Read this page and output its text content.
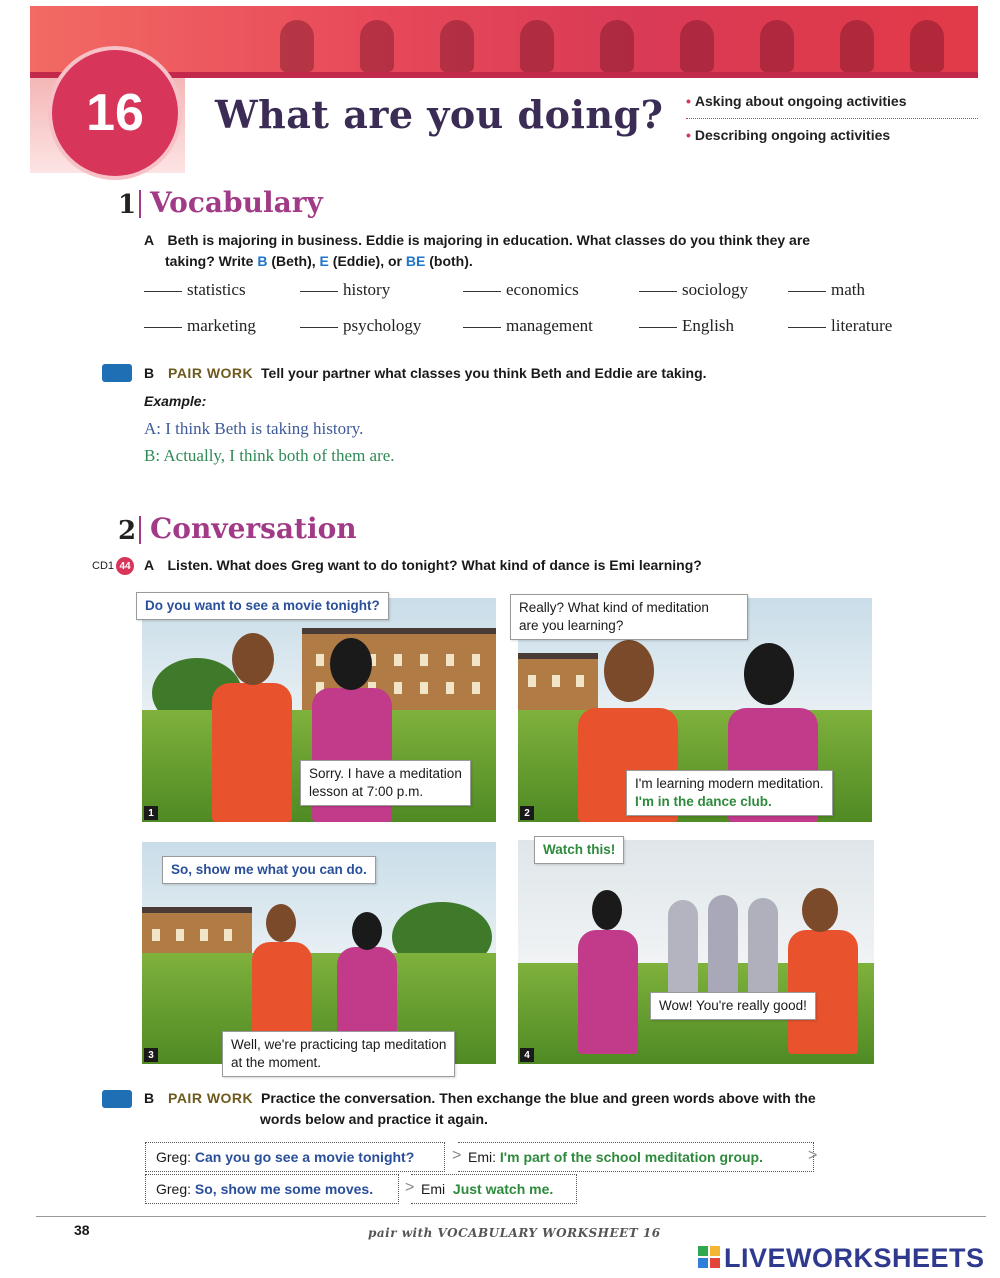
16	What are you doing? • Asking about ongoing activities
• Describing ongoing activities
1 Vocabulary
A Beth is majoring in business. Eddie is majoring in education. What classes do you think they are
taking? Write B (Beth), E (Eddie), or BE (both).
statistics	history	economics	sociology	math
marketing	psychology	management	English	literature
B PAIR WORK Tell your partner what classes you think Beth and Eddie are taking.
Example:
A: I think Beth is taking history.
B: Actually, I think both of them are.
2 Conversation
CD1 44 A Listen. What does Greg want to do tonight? What kind of dance is Emi learning?
1
Do you want to see a movie tonight?
Sorry. I have a meditation
lesson at 7:00 p.m.
2
Really? What kind of meditation
are you learning?
I'm learning modern meditation.
I'm in the dance club.
3
So, show me what you can do.
Well, we're practicing tap meditation
at the moment.	4
Watch this!
Wow! You're really good!
B PAIR WORK Practice the conversation. Then exchange the blue and green words above with the
words below and practice it again.
Greg:
Can you go see a movie tonight? > Emi:
I'm part of the school meditation group.	>
Greg:
So, show me some moves. > Emi
Just watch me.
38	pair with VOCABULARY WORKSHEET 16
LIVEWORKSHEETS
